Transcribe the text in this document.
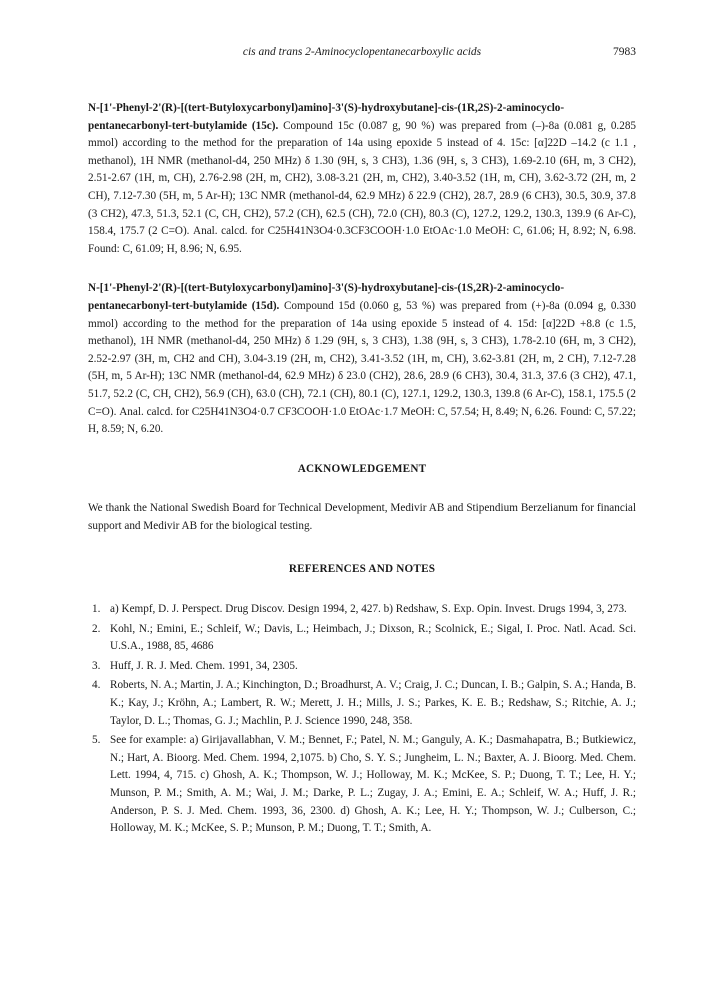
cis and trans 2-Aminocyclopentanecarboxylic acids	7983

N-[1'-Phenyl-2'(R)-[(tert-Butyloxycarbonyl)amino]-3'(S)-hydroxybutane]-cis-(1R,2S)-2-aminocyclo-pentanecarbonyl-tert-butylamide (15c). Compound 15c (0.087 g, 90 %) was prepared from (–)-8a (0.081 g, 0.285 mmol) according to the method for the preparation of 14a using epoxide 5 instead of 4. 15c: [α]22D –14.2 (c 1.1 , methanol), 1H NMR (methanol-d4, 250 MHz) δ 1.30 (9H, s, 3 CH3), 1.36 (9H, s, 3 CH3), 1.69-2.10 (6H, m, 3 CH2), 2.51-2.67 (1H, m, CH), 2.76-2.98 (2H, m, CH2), 3.08-3.21 (2H, m, CH2), 3.40-3.52 (1H, m, CH), 3.62-3.72 (2H, m, 2 CH), 7.12-7.30 (5H, m, 5 Ar-H); 13C NMR (methanol-d4, 62.9 MHz) δ 22.9 (CH2), 28.7, 28.9 (6 CH3), 30.5, 30.9, 37.8 (3 CH2), 47.3, 51.3, 52.1 (C, CH, CH2), 57.2 (CH), 62.5 (CH), 72.0 (CH), 80.3 (C), 127.2, 129.2, 130.3, 139.9 (6 Ar-C), 158.4, 175.7 (2 C=O). Anal. calcd. for C25H41N3O4·0.3CF3COOH·1.0 EtOAc·1.0 MeOH: C, 61.06; H, 8.92; N, 6.98. Found: C, 61.09; H, 8.96; N, 6.95.

N-[1'-Phenyl-2'(R)-[(tert-Butyloxycarbonyl)amino]-3'(S)-hydroxybutane]-cis-(1S,2R)-2-aminocyclo-pentanecarbonyl-tert-butylamide (15d). Compound 15d (0.060 g, 53 %) was prepared from (+)-8a (0.094 g, 0.330 mmol) according to the method for the preparation of 14a using epoxide 5 instead of 4. 15d: [α]22D +8.8 (c 1.5, methanol), 1H NMR (methanol-d4, 250 MHz) δ 1.29 (9H, s, 3 CH3), 1.38 (9H, s, 3 CH3), 1.78-2.10 (6H, m, 3 CH2), 2.52-2.97 (3H, m, CH2 and CH), 3.04-3.19 (2H, m, CH2), 3.41-3.52 (1H, m, CH), 3.62-3.81 (2H, m, 2 CH), 7.12-7.28 (5H, m, 5 Ar-H); 13C NMR (methanol-d4, 62.9 MHz) δ 23.0 (CH2), 28.6, 28.9 (6 CH3), 30.4, 31.3, 37.6 (3 CH2), 47.1, 51.7, 52.2 (C, CH, CH2), 56.9 (CH), 63.0 (CH), 72.1 (CH), 80.1 (C), 127.1, 129.2, 130.3, 139.8 (6 Ar-C), 158.1, 175.5 (2 C=O). Anal. calcd. for C25H41N3O4·0.7 CF3COOH·1.0 EtOAc·1.7 MeOH: C, 57.54; H, 8.49; N, 6.26. Found: C, 57.22; H, 8.59; N, 6.20.

ACKNOWLEDGEMENT

We thank the National Swedish Board for Technical Development, Medivir AB and Stipendium Berzelianum for financial support and Medivir AB for the biological testing.

REFERENCES AND NOTES
1. a) Kempf, D. J. Perspect. Drug Discov. Design 1994, 2, 427. b) Redshaw, S. Exp. Opin. Invest. Drugs 1994, 3, 273.
2. Kohl, N.; Emini, E.; Schleif, W.; Davis, L.; Heimbach, J.; Dixson, R.; Scolnick, E.; Sigal, I. Proc. Natl. Acad. Sci. U.S.A., 1988, 85, 4686
3. Huff, J. R. J. Med. Chem. 1991, 34, 2305.
4. Roberts, N. A.; Martin, J. A.; Kinchington, D.; Broadhurst, A. V.; Craig, J. C.; Duncan, I. B.; Galpin, S. A.; Handa, B. K.; Kay, J.; Kröhn, A.; Lambert, R. W.; Merett, J. H.; Mills, J. S.; Parkes, K. E. B.; Redshaw, S.; Ritchie, A. J.; Taylor, D. L.; Thomas, G. J.; Machlin, P. J. Science 1990, 248, 358.
5. See for example: a) Girijavallabhan, V. M.; Bennet, F.; Patel, N. M.; Ganguly, A. K.; Dasmahapatra, B.; Butkiewicz, N.; Hart, A. Bioorg. Med. Chem. 1994, 2,1075. b) Cho, S. Y. S.; Jungheim, L. N.; Baxter, A. J. Bioorg. Med. Chem. Lett. 1994, 4, 715. c) Ghosh, A. K.; Thompson, W. J.; Holloway, M. K.; McKee, S. P.; Duong, T. T.; Lee, H. Y.; Munson, P. M.; Smith, A. M.; Wai, J. M.; Darke, P. L.; Zugay, J. A.; Emini, E. A.; Schleif, W. A.; Huff, J. R.; Anderson, P. S. J. Med. Chem. 1993, 36, 2300. d) Ghosh, A. K.; Lee, H. Y.; Thompson, W. J.; Culberson, C.; Holloway, M. K.; McKee, S. P.; Munson, P. M.; Duong, T. T.; Smith, A.
